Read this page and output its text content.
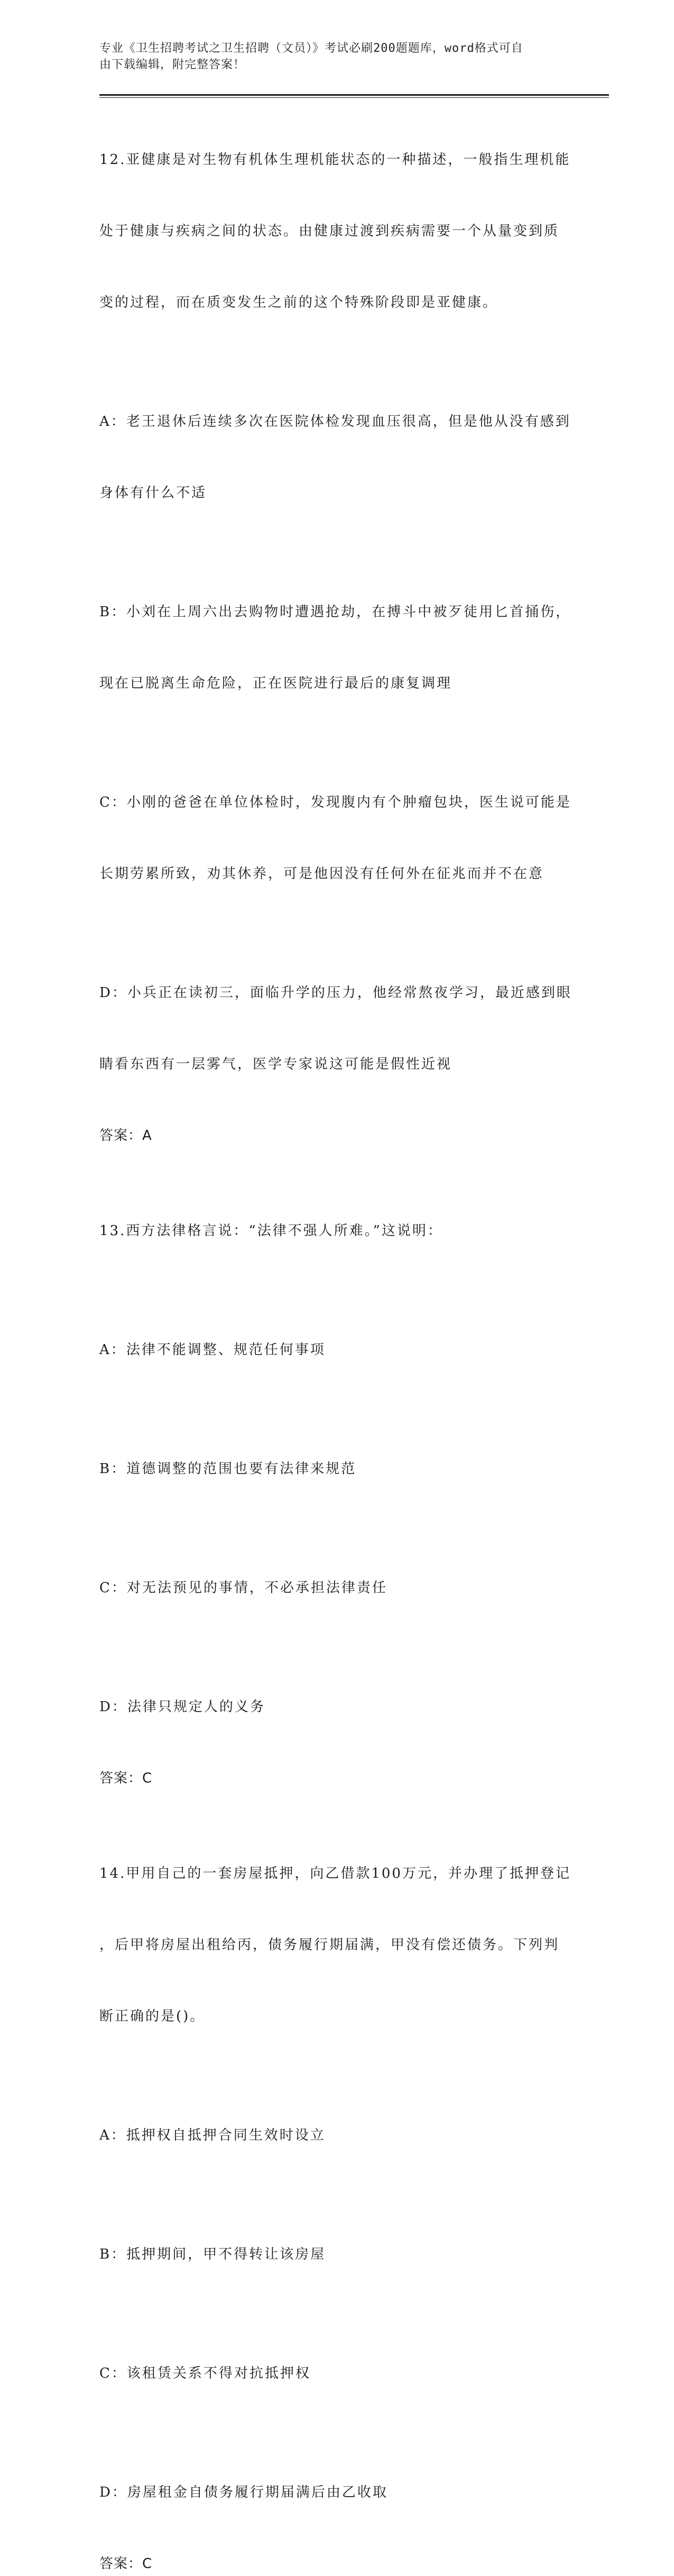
专业《卫生招聘考试之卫生招聘（文员）》考试必刷200题题库，word格式可自
由下载编辑，附完整答案！

12.亚健康是对生物有机体生理机能状态的一种描述，一般指生理机能

处于健康与疾病之间的状态。由健康过渡到疾病需要一个从量变到质

变的过程，而在质变发生之前的这个特殊阶段即是亚健康。

A：老王退休后连续多次在医院体检发现血压很高，但是他从没有感到

身体有什么不适

B：小刘在上周六出去购物时遭遇抢劫，在搏斗中被歹徒用匕首捅伤，

现在已脱离生命危险，正在医院进行最后的康复调理

C：小刚的爸爸在单位体检时，发现腹内有个肿瘤包块，医生说可能是

长期劳累所致，劝其休养，可是他因没有任何外在征兆而并不在意

D：小兵正在读初三，面临升学的压力，他经常熬夜学习，最近感到眼

睛看东西有一层雾气，医学专家说这可能是假性近视

答案：A

13.西方法律格言说：“法律不强人所难。”这说明：

A：法律不能调整、规范任何事项

B：道德调整的范围也要有法律来规范

C：对无法预见的事情，不必承担法律责任

D：法律只规定人的义务

答案：C

14.甲用自己的一套房屋抵押，向乙借款100万元，并办理了抵押登记

，后甲将房屋出租给丙，债务履行期届满，甲没有偿还债务。下列判

断正确的是()。

A：抵押权自抵押合同生效时设立

B：抵押期间，甲不得转让该房屋

C：该租赁关系不得对抗抵押权

D：房屋租金自债务履行期届满后由乙收取

答案：C
